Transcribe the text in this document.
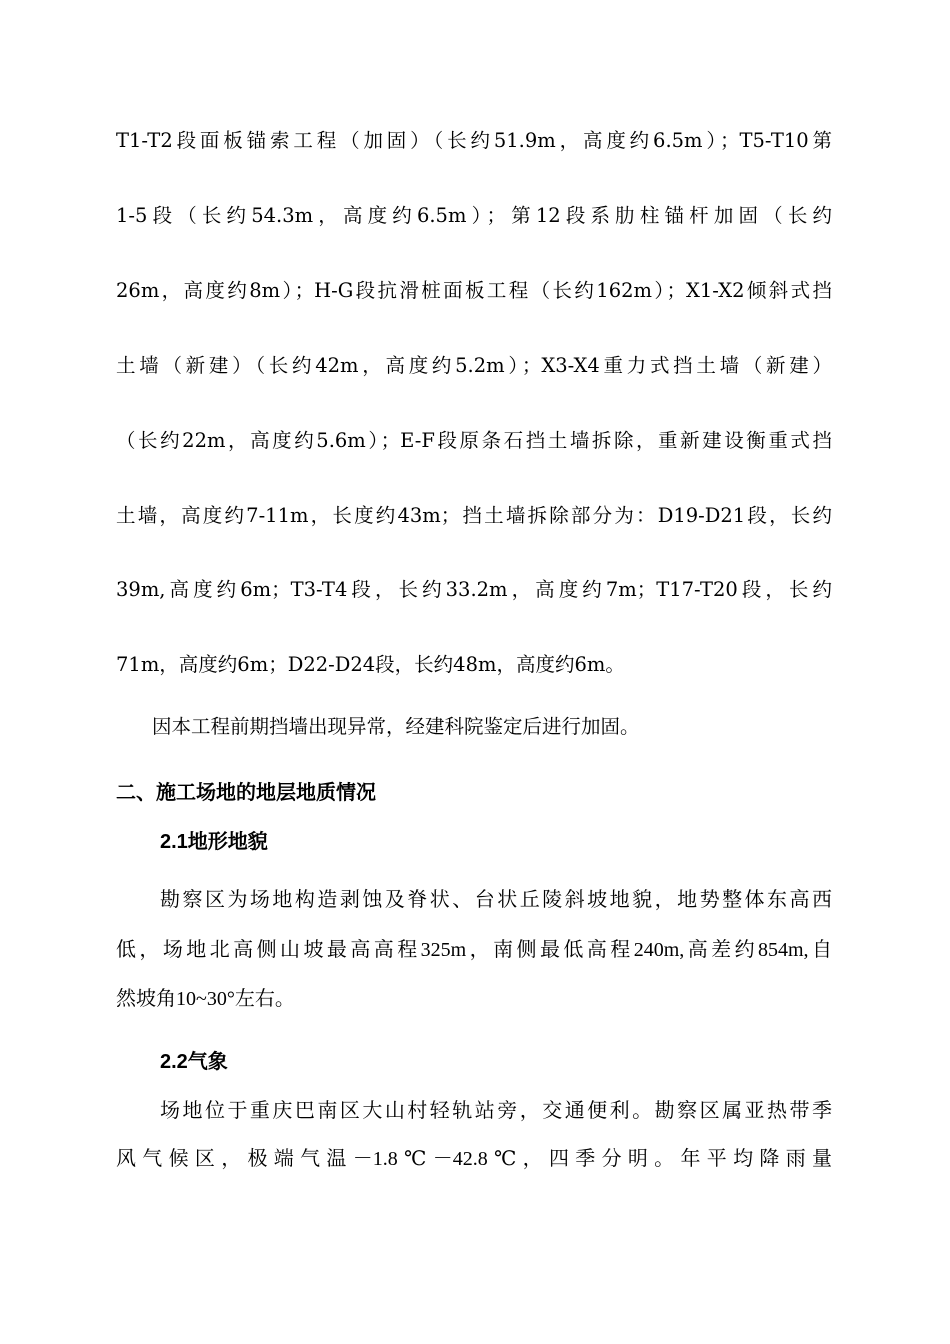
T1-T2段面板锚索工程（加固）（长约51.9m，高度约6.5m）；T5-T10第
1-5段（长约54.3m，高度约6.5m）；第12段系肋柱锚杆加固（长约
26m，高度约8m）；H-G段抗滑桩面板工程（长约162m）；X1-X2倾斜式挡
土墙（新建）（长约42m，高度约5.2m）；X3-X4重力式挡土墙（新建）
（长约22m，高度约5.6m）；E-F段原条石挡土墙拆除，重新建设衡重式挡
土墙，高度约7-11m，长度约43m；挡土墙拆除部分为：D19-D21段，长约
39m,高度约6m；T3-T4段，长约33.2m，高度约7m；T17-T20段，长约
71m，高度约6m；D22-D24段，长约48m，高度约6m。
因本工程前期挡墙出现异常，经建科院鉴定后进行加固。
二、施工场地的地层地质情况
2.1地形地貌
勘察区为场地构造剥蚀及脊状、台状丘陵斜坡地貌，地势整体东高西
低，场地北高侧山坡最高高程325m，南侧最低高程240m,高差约854m,自
然坡角10~30°左右。
2.2气象
场地位于重庆巴南区大山村轻轨站旁，交通便利。勘察区属亚热带季
风气候区，极端气温－1.8℃－42.8℃，四季分明。年平均降雨量
